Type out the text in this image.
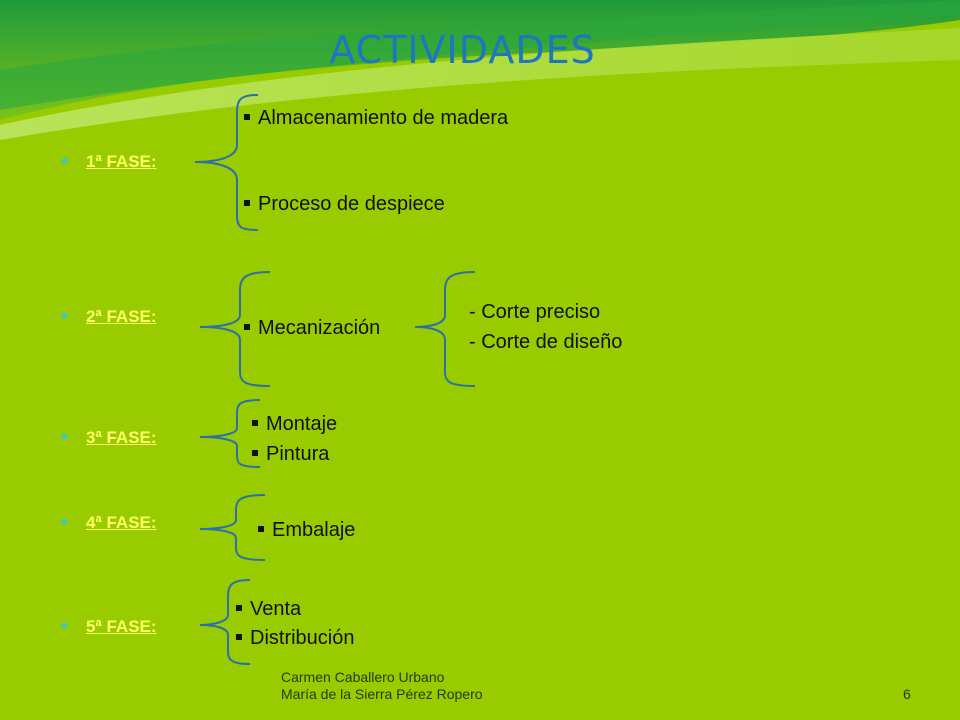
ACTIVIDADES
1ª FASE:
2ª FASE:
3ª FASE:
4ª FASE:
5ª FASE:
Almacenamiento de madera
Proceso de despiece
Mecanización
- Corte preciso
- Corte de diseño
Montaje
Pintura
Embalaje
Venta
Distribución
Carmen Caballero Urbano
María de la Sierra Pérez Ropero	6
